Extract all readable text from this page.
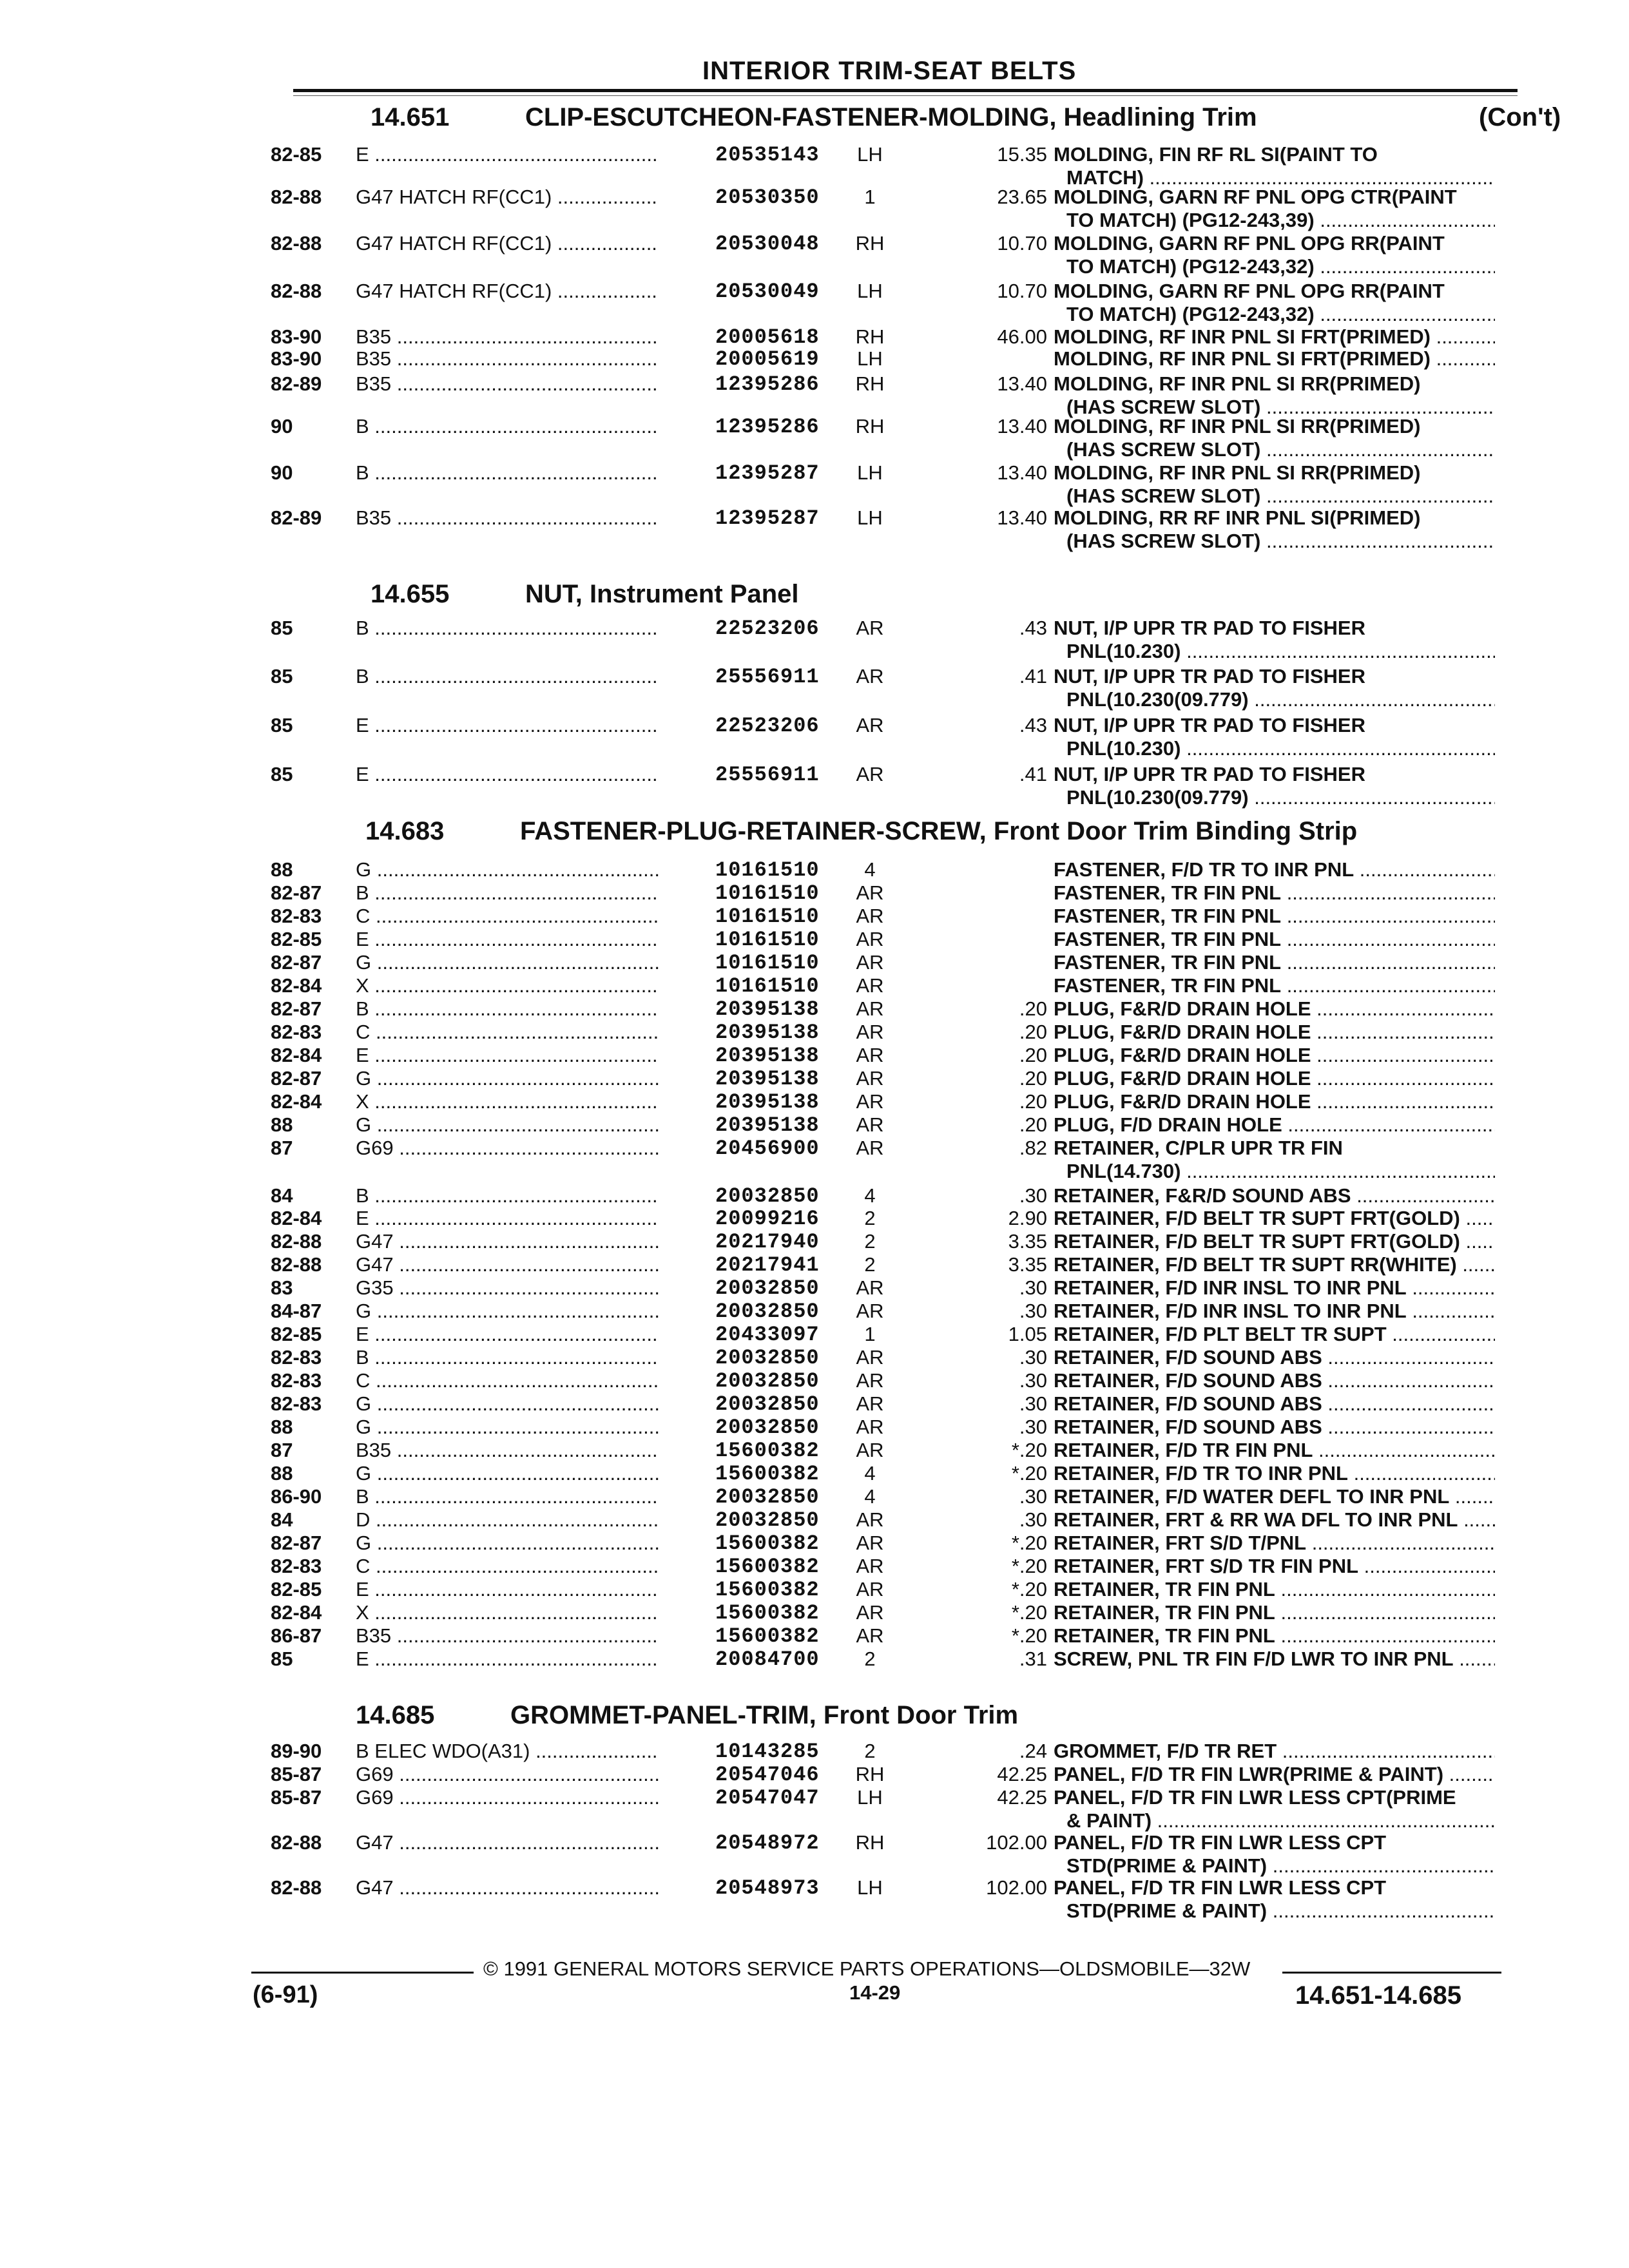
INTERIOR TRIM-SEAT BELTS
14.651	CLIP-ESCUTCHEON-FASTENER-MOLDING, Headlining Trim	(Con't)
82-85 E .....	20535143	LH	15.35 MOLDING, FIN RF RL SI(PAINT TO
MATCH) .....
82-88 G47 HATCH RF(CC1) .....	20530350	1	23.65 MOLDING, GARN RF PNL OPG CTR(PAINT
TO MATCH) (PG12-243,39) .....
82-88 G47 HATCH RF(CC1) .....	20530048 RH	10.70 MOLDING, GARN RF PNL OPG RR(PAINT
TO MATCH) (PG12-243,32) .....
82-88 G47 HATCH RF(CC1) .....	20530049	LH	10.70 MOLDING, GARN RF PNL OPG RR(PAINT
TO MATCH) (PG12-243,32) .....
83-90 B35 .....	20005618 RH	46.00 MOLDING, RF INR PNL SI FRT(PRIMED) .....
83-90 B35 .....	20005619	LH	MOLDING, RF INR PNL SI FRT(PRIMED) .....
82-89 B35 .....	12395286 RH	13.40 MOLDING, RF INR PNL SI RR(PRIMED)
(HAS SCREW SLOT) .....
90	B .....	12395286 RH	13.40 MOLDING, RF INR PNL SI RR(PRIMED)
(HAS SCREW SLOT) .....
90	B .....	12395287	LH	13.40 MOLDING, RF INR PNL SI RR(PRIMED)
(HAS SCREW SLOT) .....
82-89 B35 .....	12395287	LH	13.40 MOLDING, RR RF INR PNL SI(PRIMED)
(HAS SCREW SLOT) .....
14.655	NUT, Instrument Panel
85	B .....	22523206 AR	.43 NUT, I/P UPR TR PAD TO FISHER
PNL(10.230) .....
85	B .....	25556911 AR	.41 NUT, I/P UPR TR PAD TO FISHER
PNL(10.230(09.779) .....
85	E .....	22523206 AR	.43 NUT, I/P UPR TR PAD TO FISHER
PNL(10.230) .....
85	E .....	25556911 AR	.41 NUT, I/P UPR TR PAD TO FISHER
PNL(10.230(09.779) .....
14.683	FASTENER-PLUG-RETAINER-SCREW, Front Door Trim Binding Strip
88	G .....	10161510	4	FASTENER, F/D TR TO INR PNL .....
82-87 B .....	10161510 AR	FASTENER, TR FIN PNL .....
82-83 C .....	10161510 AR	FASTENER, TR FIN PNL .....
82-85 E .....	10161510 AR	FASTENER, TR FIN PNL .....
82-87 G .....	10161510 AR	FASTENER, TR FIN PNL .....
82-84 X .....	10161510 AR	FASTENER, TR FIN PNL .....
82-87 B .....	20395138 AR	.20 PLUG, F&R/D DRAIN HOLE .....
82-83 C .....	20395138 AR	.20 PLUG, F&R/D DRAIN HOLE .....
82-84 E .....	20395138 AR	.20 PLUG, F&R/D DRAIN HOLE .....
82-87 G .....	20395138 AR	.20 PLUG, F&R/D DRAIN HOLE .....
82-84 X .....	20395138 AR	.20 PLUG, F&R/D DRAIN HOLE .....
88	G .....	20395138 AR	.20 PLUG, F/D DRAIN HOLE .....
87	G69 .....	20456900 AR	.82 RETAINER, C/PLR UPR TR FIN
PNL(14.730) .....
84	B .....	20032850	4	.30 RETAINER, F&R/D SOUND ABS .....
82-84 E .....	20099216	2	2.90 RETAINER, F/D BELT TR SUPT FRT(GOLD) .....
82-88 G47 .....	20217940	2	3.35 RETAINER, F/D BELT TR SUPT FRT(GOLD) .....
82-88 G47 .....	20217941	2	3.35 RETAINER, F/D BELT TR SUPT RR(WHITE) .....
83	G35 .....	20032850 AR	.30 RETAINER, F/D INR INSL TO INR PNL .....
84-87 G .....	20032850 AR	.30 RETAINER, F/D INR INSL TO INR PNL .....
82-85 E .....	20433097	1	1.05 RETAINER, F/D PLT BELT TR SUPT .....
82-83 B .....	20032850 AR	.30 RETAINER, F/D SOUND ABS .....
82-83 C .....	20032850 AR	.30 RETAINER, F/D SOUND ABS .....
82-83 G .....	20032850 AR	.30 RETAINER, F/D SOUND ABS .....
88	G .....	20032850 AR	.30 RETAINER, F/D SOUND ABS .....
87	B35 .....	15600382 AR	*.20 RETAINER, F/D TR FIN PNL .....
88	G .....	15600382	4	*.20 RETAINER, F/D TR TO INR PNL .....
86-90 B .....	20032850	4	.30 RETAINER, F/D WATER DEFL TO INR PNL .....
84	D .....	20032850 AR	.30 RETAINER, FRT & RR WA DFL TO INR PNL .....
82-87 G .....	15600382 AR	*.20 RETAINER, FRT S/D T/PNL .....
82-83 C .....	15600382 AR	*.20 RETAINER, FRT S/D TR FIN PNL .....
82-85 E .....	15600382 AR	*.20 RETAINER, TR FIN PNL .....
82-84 X .....	15600382 AR	*.20 RETAINER, TR FIN PNL .....
86-87 B35 .....	15600382 AR	*.20 RETAINER, TR FIN PNL .....
85	E .....	20084700	2	.31 SCREW, PNL TR FIN F/D LWR TO INR PNL .....
14.685	GROMMET-PANEL-TRIM, Front Door Trim
89-90 B ELEC WDO(A31) .....	10143285	2	.24 GROMMET, F/D TR RET .....
85-87 G69 .....	20547046 RH	42.25 PANEL, F/D TR FIN LWR(PRIME & PAINT) .....
85-87 G69 .....	20547047	LH	42.25 PANEL, F/D TR FIN LWR LESS CPT(PRIME
& PAINT) .....
82-88 G47 .....	20548972 RH	102.00 PANEL, F/D TR FIN LWR LESS CPT
STD(PRIME & PAINT) .....
82-88 G47 .....	20548973	LH	102.00 PANEL, F/D TR FIN LWR LESS CPT
STD(PRIME & PAINT) .....
© 1991 GENERAL MOTORS SERVICE PARTS OPERATIONS—OLDSMOBILE—32W
(6-91)	14-29	14.651-14.685
